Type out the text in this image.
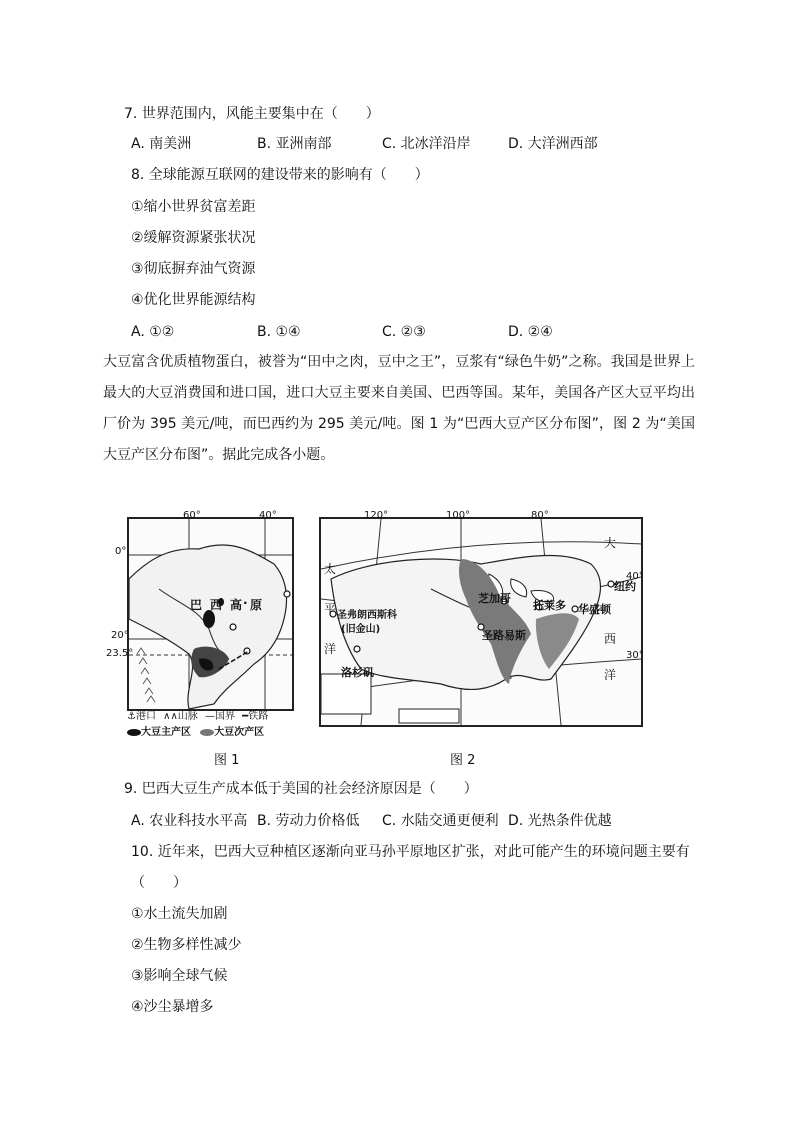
7. 世界范围内，风能主要集中在（　　）
A. 南美洲	B. 亚洲南部	C. 北冰洋沿岸	D. 大洋洲西部
8. 全球能源互联网的建设带来的影响有（　　）
①缩小世界贫富差距
②缓解资源紧张状况
③彻底摒弃油气资源
④优化世界能源结构
A. ①②	B. ①④	C. ②③	D. ②④
大豆富含优质植物蛋白，被誉为“田中之肉，豆中之王”，豆浆有“绿色牛奶”之称。我国是世界上最大的大豆消费国和进口国，进口大豆主要来自美国、巴西等国。某年，美国各产区大豆平均出厂价为 395 美元/吨，而巴西约为 295 美元/吨。图 1 为“巴西大豆产区分布图”，图 2 为“美国大豆产区分布图”。据此完成各小题。
60°	40°
0°
20°
23.5°
巴 西 高 · 原
⚓港口 ∧∧山脉 —国界 ━铁路
大豆主产区 大豆次产区
120°	100°	80°
40°
30°
芝加哥
托莱多 华盛顿
圣路易斯
洛杉矶
纽约
圣弗朗西斯科
(旧金山)
太
平
洋
大
西
洋
图 1	图 2
9. 巴西大豆生产成本低于美国的社会经济原因是（　　）
A. 农业科技水平高 B. 劳动力价格低 C. 水陆交通更便利 D. 光热条件优越
10. 近年来，巴西大豆种植区逐渐向亚马孙平原地区扩张，对此可能产生的环境问题主要有
（　　）
①水土流失加剧
②生物多样性减少
③影响全球气候
④沙尘暴增多
